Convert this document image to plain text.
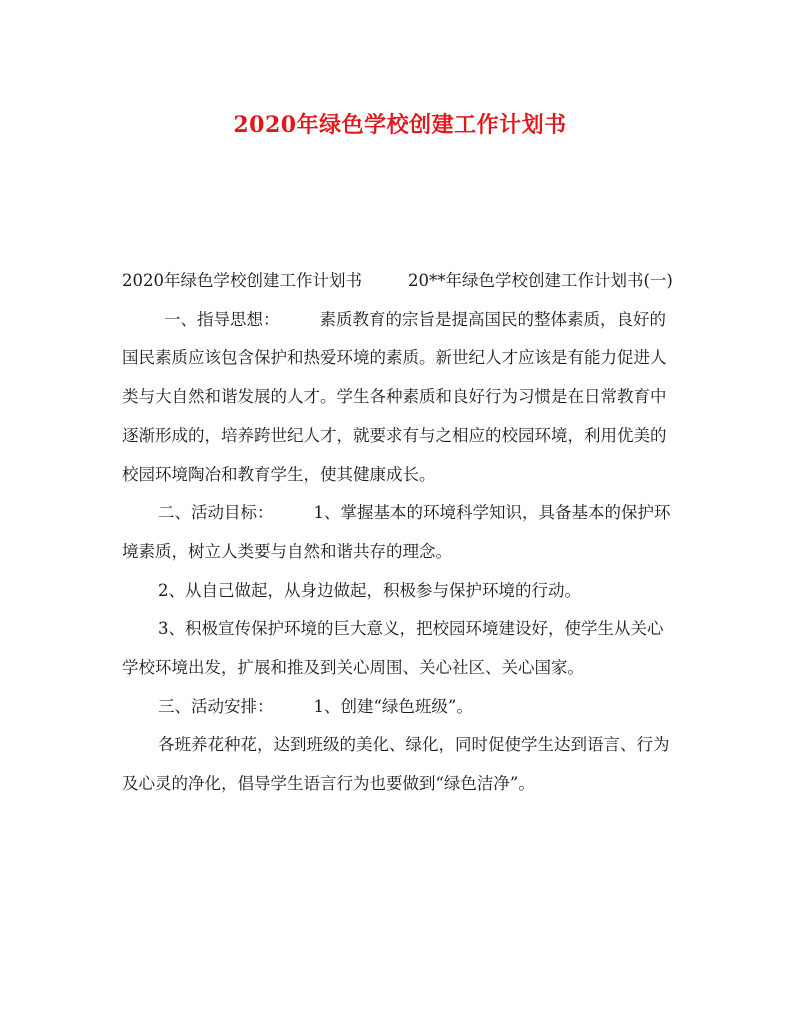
2020年绿色学校创建工作计划书

2020年绿色学校创建工作计划书	20**年绿色学校创建工作计划书(一)一、指导思想： 素质教育的宗旨是提高国民的整体素质，良好的国民素质应该包含保护和热爱环境的素质。新世纪人才应该是有能力促进人类与大自然和谐发展的人才。学生各种素质和良好行为习惯是在日常教育中逐渐形成的，培养跨世纪人才，就要求有与之相应的校园环境，利用优美的校园环境陶冶和教育学生，使其健康成长。

二、活动目标： 1、掌握基本的环境科学知识，具备基本的保护环境素质，树立人类要与自然和谐共存的理念。

2、从自己做起，从身边做起，积极参与保护环境的行动。

3、积极宣传保护环境的巨大意义，把校园环境建设好，使学生从关心学校环境出发，扩展和推及到关心周围、关心社区、关心国家。

三、活动安排： 1、创建“绿色班级”。

各班养花种花，达到班级的美化、绿化，同时促使学生达到语言、行为及心灵的净化，倡导学生语言行为也要做到“绿色洁净”。
